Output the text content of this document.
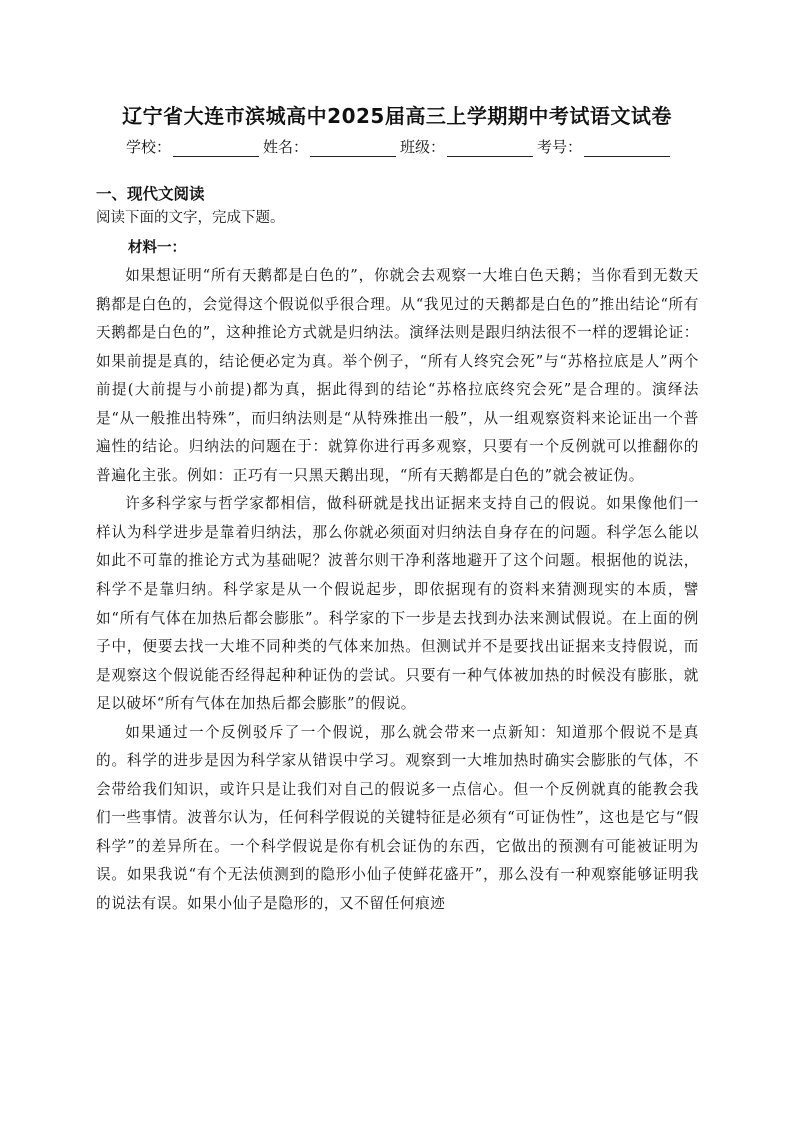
辽宁省大连市滨城高中2025届高三上学期期中考试语文试卷
学校：	姓名：	班级：	考号：
一、现代文阅读
阅读下面的文字，完成下题。
材料一：

如果想证明“所有天鹅都是白色的”，你就会去观察一大堆白色天鹅；当你看到无数天鹅都是白色的，会觉得这个假说似乎很合理。从“我见过的天鹅都是白色的”推出结论“所有天鹅都是白色的”，这种推论方式就是归纳法。演绎法则是跟归纳法很不一样的逻辑论证：如果前提是真的，结论便必定为真。举个例子，“所有人终究会死”与“苏格拉底是人”两个前提(大前提与小前提)都为真，据此得到的结论“苏格拉底终究会死”是合理的。演绎法是“从一般推出特殊”，而归纳法则是“从特殊推出一般”，从一组观察资料来论证出一个普遍性的结论。归纳法的问题在于：就算你进行再多观察，只要有一个反例就可以推翻你的普遍化主张。例如：正巧有一只黑天鹅出现，“所有天鹅都是白色的”就会被证伪。

许多科学家与哲学家都相信，做科研就是找出证据来支持自己的假说。如果像他们一样认为科学进步是靠着归纳法，那么你就必须面对归纳法自身存在的问题。科学怎么能以如此不可靠的推论方式为基础呢？波普尔则干净利落地避开了这个问题。根据他的说法，科学不是靠归纳。科学家是从一个假说起步，即依据现有的资料来猜测现实的本质，譬如“所有气体在加热后都会膨胀”。科学家的下一步是去找到办法来测试假说。在上面的例子中，便要去找一大堆不同种类的气体来加热。但测试并不是要找出证据来支持假说，而是观察这个假说能否经得起种种证伪的尝试。只要有一种气体被加热的时候没有膨胀，就足以破坏“所有气体在加热后都会膨胀”的假说。

如果通过一个反例驳斥了一个假说，那么就会带来一点新知：知道那个假说不是真的。科学的进步是因为科学家从错误中学习。观察到一大堆加热时确实会膨胀的气体，不会带给我们知识，或许只是让我们对自己的假说多一点信心。但一个反例就真的能教会我们一些事情。波普尔认为，任何科学假说的关键特征是必须有“可证伪性”，这也是它与“假科学”的差异所在。一个科学假说是你有机会证伪的东西，它做出的预测有可能被证明为误。如果我说“有个无法侦测到的隐形小仙子使鲜花盛开”，那么没有一种观察能够证明我的说法有误。如果小仙子是隐形的，又不留任何痕迹
